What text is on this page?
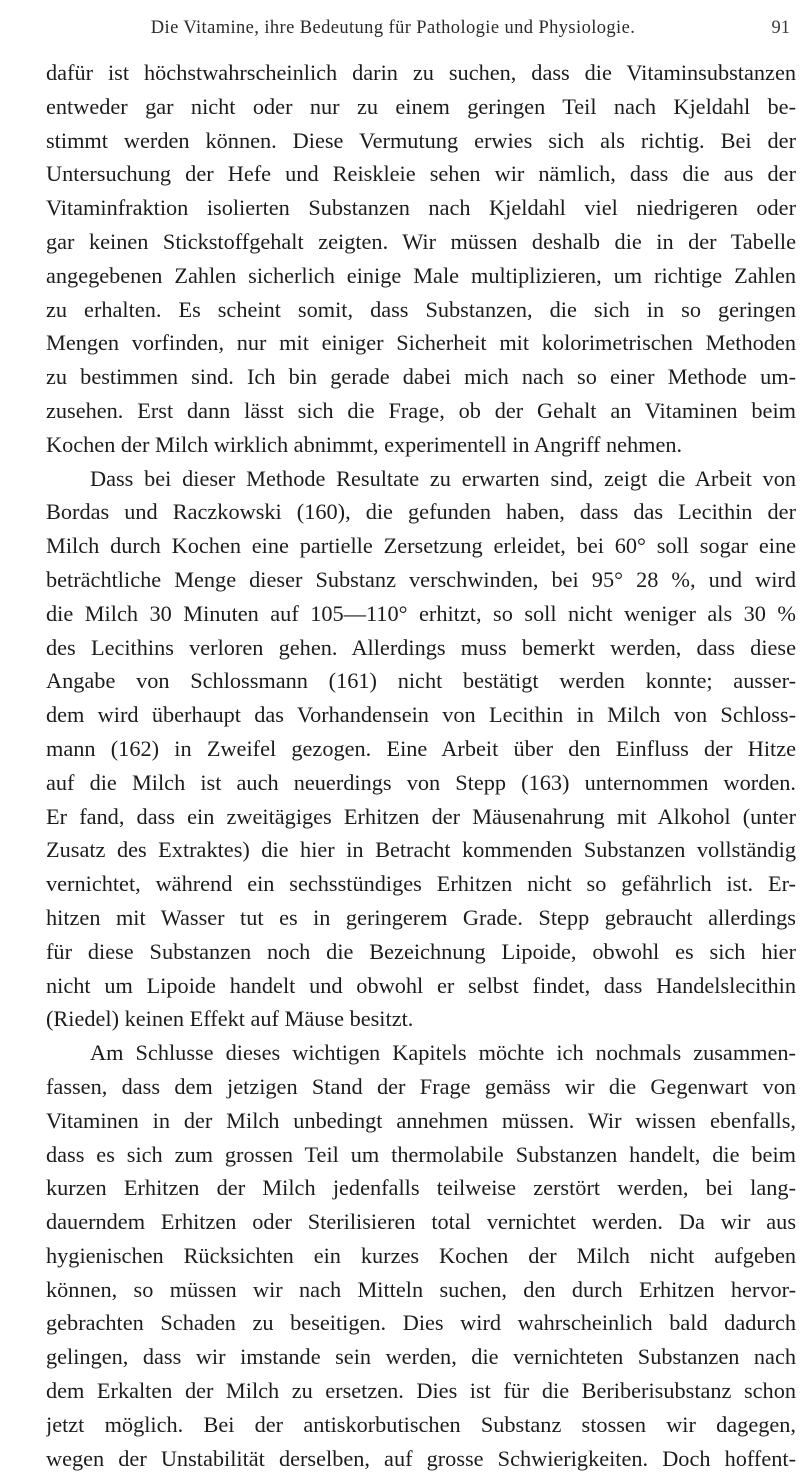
Die Vitamine, ihre Bedeutung für Pathologie und Physiologie.	91
dafür ist höchstwahrscheinlich darin zu suchen, dass die Vitaminsubstanzen
entweder gar nicht oder nur zu einem geringen Teil nach Kjeldahl be-
stimmt werden können. Diese Vermutung erwies sich als richtig. Bei der
Untersuchung der Hefe und Reiskleie sehen wir nämlich, dass die aus der
Vitaminfraktion isolierten Substanzen nach Kjeldahl viel niedrigeren oder
gar keinen Stickstoffgehalt zeigten. Wir müssen deshalb die in der Tabelle
angegebenen Zahlen sicherlich einige Male multiplizieren, um richtige Zahlen
zu erhalten. Es scheint somit, dass Substanzen, die sich in so geringen
Mengen vorfinden, nur mit einiger Sicherheit mit kolorimetrischen Methoden
zu bestimmen sind. Ich bin gerade dabei mich nach so einer Methode um-
zusehen. Erst dann lässt sich die Frage, ob der Gehalt an Vitaminen beim
Kochen der Milch wirklich abnimmt, experimentell in Angriff nehmen.
Dass bei dieser Methode Resultate zu erwarten sind, zeigt die Arbeit von
Bordas und Raczkowski (160), die gefunden haben, dass das Lecithin der
Milch durch Kochen eine partielle Zersetzung erleidet, bei 60° soll sogar eine
beträchtliche Menge dieser Substanz verschwinden, bei 95° 28 %, und wird
die Milch 30 Minuten auf 105—110° erhitzt, so soll nicht weniger als 30 %
des Lecithins verloren gehen. Allerdings muss bemerkt werden, dass diese
Angabe von Schlossmann (161) nicht bestätigt werden konnte; ausser-
dem wird überhaupt das Vorhandensein von Lecithin in Milch von Schloss-
mann (162) in Zweifel gezogen. Eine Arbeit über den Einfluss der Hitze
auf die Milch ist auch neuerdings von Stepp (163) unternommen worden.
Er fand, dass ein zweitägiges Erhitzen der Mäusenahrung mit Alkohol (unter
Zusatz des Extraktes) die hier in Betracht kommenden Substanzen vollständig
vernichtet, während ein sechsstündiges Erhitzen nicht so gefährlich ist. Er-
hitzen mit Wasser tut es in geringerem Grade. Stepp gebraucht allerdings
für diese Substanzen noch die Bezeichnung Lipoide, obwohl es sich hier
nicht um Lipoide handelt und obwohl er selbst findet, dass Handelslecithin
(Riedel) keinen Effekt auf Mäuse besitzt.
Am Schlusse dieses wichtigen Kapitels möchte ich nochmals zusammen-
fassen, dass dem jetzigen Stand der Frage gemäss wir die Gegenwart von
Vitaminen in der Milch unbedingt annehmen müssen. Wir wissen ebenfalls,
dass es sich zum grossen Teil um thermolabile Substanzen handelt, die beim
kurzen Erhitzen der Milch jedenfalls teilweise zerstört werden, bei lang-
dauerndem Erhitzen oder Sterilisieren total vernichtet werden. Da wir aus
hygienischen Rücksichten ein kurzes Kochen der Milch nicht aufgeben
können, so müssen wir nach Mitteln suchen, den durch Erhitzen hervor-
gebrachten Schaden zu beseitigen. Dies wird wahrscheinlich bald dadurch
gelingen, dass wir imstande sein werden, die vernichteten Substanzen nach
dem Erkalten der Milch zu ersetzen. Dies ist für die Beriberisubstanz schon
jetzt möglich. Bei der antiskorbutischen Substanz stossen wir dagegen,
wegen der Unstabilität derselben, auf grosse Schwierigkeiten. Doch hoffent-
